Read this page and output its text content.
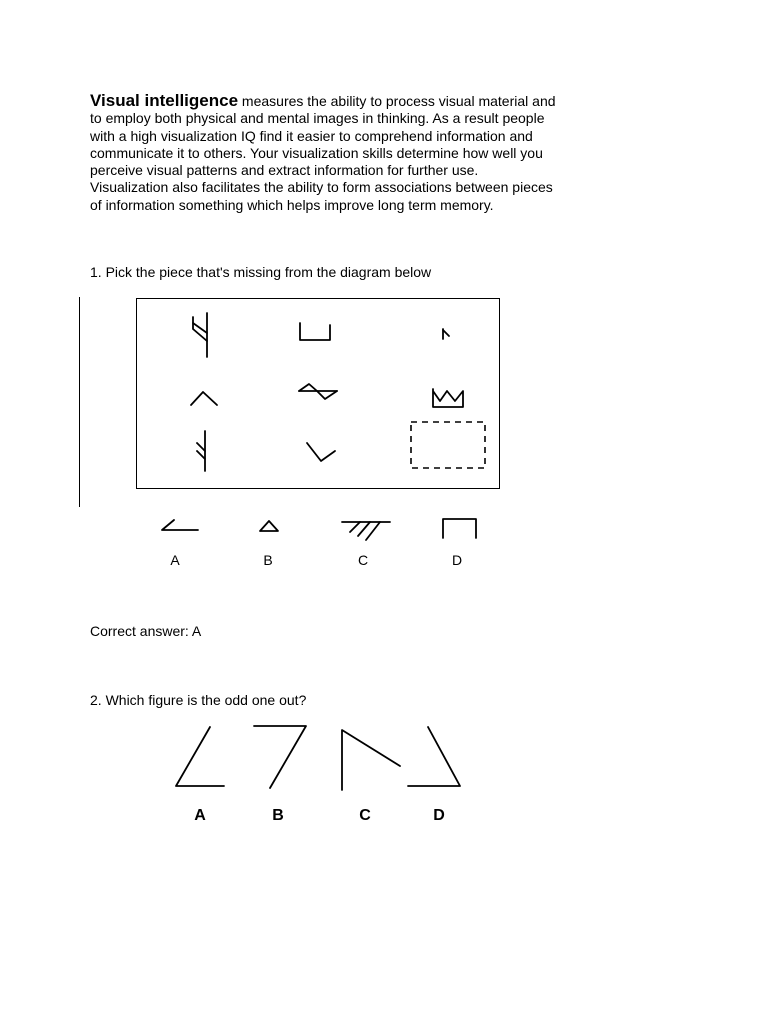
Visual intelligence measures the ability to process visual material and to employ both physical and mental images in thinking. As a result people with a high visualization IQ find it easier to comprehend information and communicate it to others. Your visualization skills determine how well you perceive visual patterns and extract information for further use. Visualization also facilitates the ability to form associations between pieces of information something which helps improve long term memory.
1. Pick the piece that's missing from the diagram below
A	B	C	D
Correct answer: A
2. Which figure is the odd one out?
A	B	C	D
